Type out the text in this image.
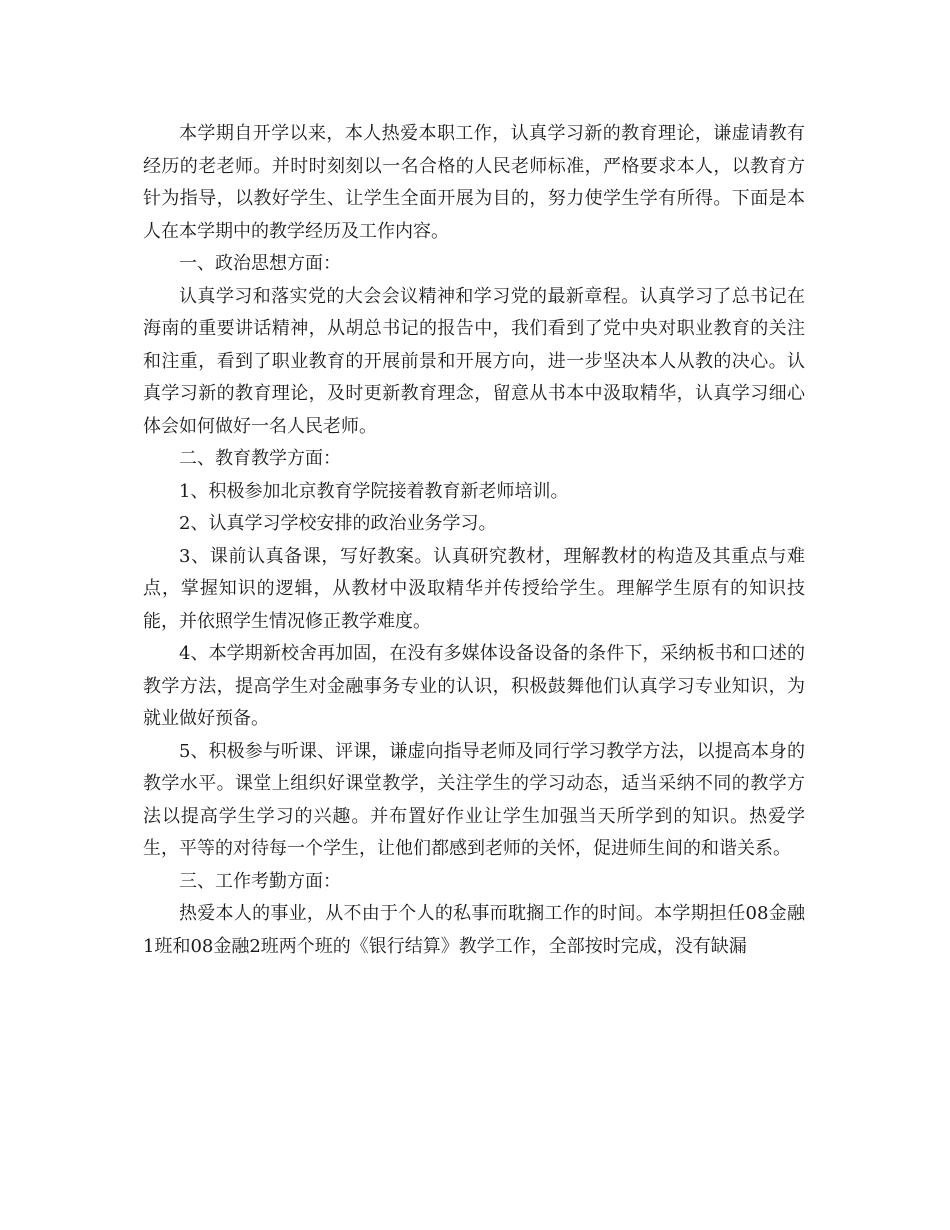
本学期自开学以来，本人热爱本职工作，认真学习新的教育理论，谦虚请教有经历的老老师。并时时刻刻以一名合格的人民老师标准，严格要求本人，以教育方针为指导，以教好学生、让学生全面开展为目的，努力使学生学有所得。下面是本人在本学期中的教学经历及工作内容。

一、政治思想方面：

认真学习和落实党的大会会议精神和学习党的最新章程。认真学习了总书记在海南的重要讲话精神，从胡总书记的报告中，我们看到了党中央对职业教育的关注和注重，看到了职业教育的开展前景和开展方向，进一步坚决本人从教的决心。认真学习新的教育理论，及时更新教育理念，留意从书本中汲取精华，认真学习细心体会如何做好一名人民老师。

二、教育教学方面：

1、积极参加北京教育学院接着教育新老师培训。

2、认真学习学校安排的政治业务学习。

3、课前认真备课，写好教案。认真研究教材，理解教材的构造及其重点与难点，掌握知识的逻辑，从教材中汲取精华并传授给学生。理解学生原有的知识技能，并依照学生情况修正教学难度。

4、本学期新校舍再加固，在没有多媒体设备设备的条件下，采纳板书和口述的教学方法，提高学生对金融事务专业的认识，积极鼓舞他们认真学习专业知识，为就业做好预备。

5、积极参与听课、评课，谦虚向指导老师及同行学习教学方法，以提高本身的教学水平。课堂上组织好课堂教学，关注学生的学习动态，适当采纳不同的教学方法以提高学生学习的兴趣。并布置好作业让学生加强当天所学到的知识。热爱学生，平等的对待每一个学生，让他们都感到老师的关怀，促进师生间的和谐关系。

三、工作考勤方面：

热爱本人的事业，从不由于个人的私事而耽搁工作的时间。本学期担任08金融1班和08金融2班两个班的《银行结算》教学工作，全部按时完成，没有缺漏
